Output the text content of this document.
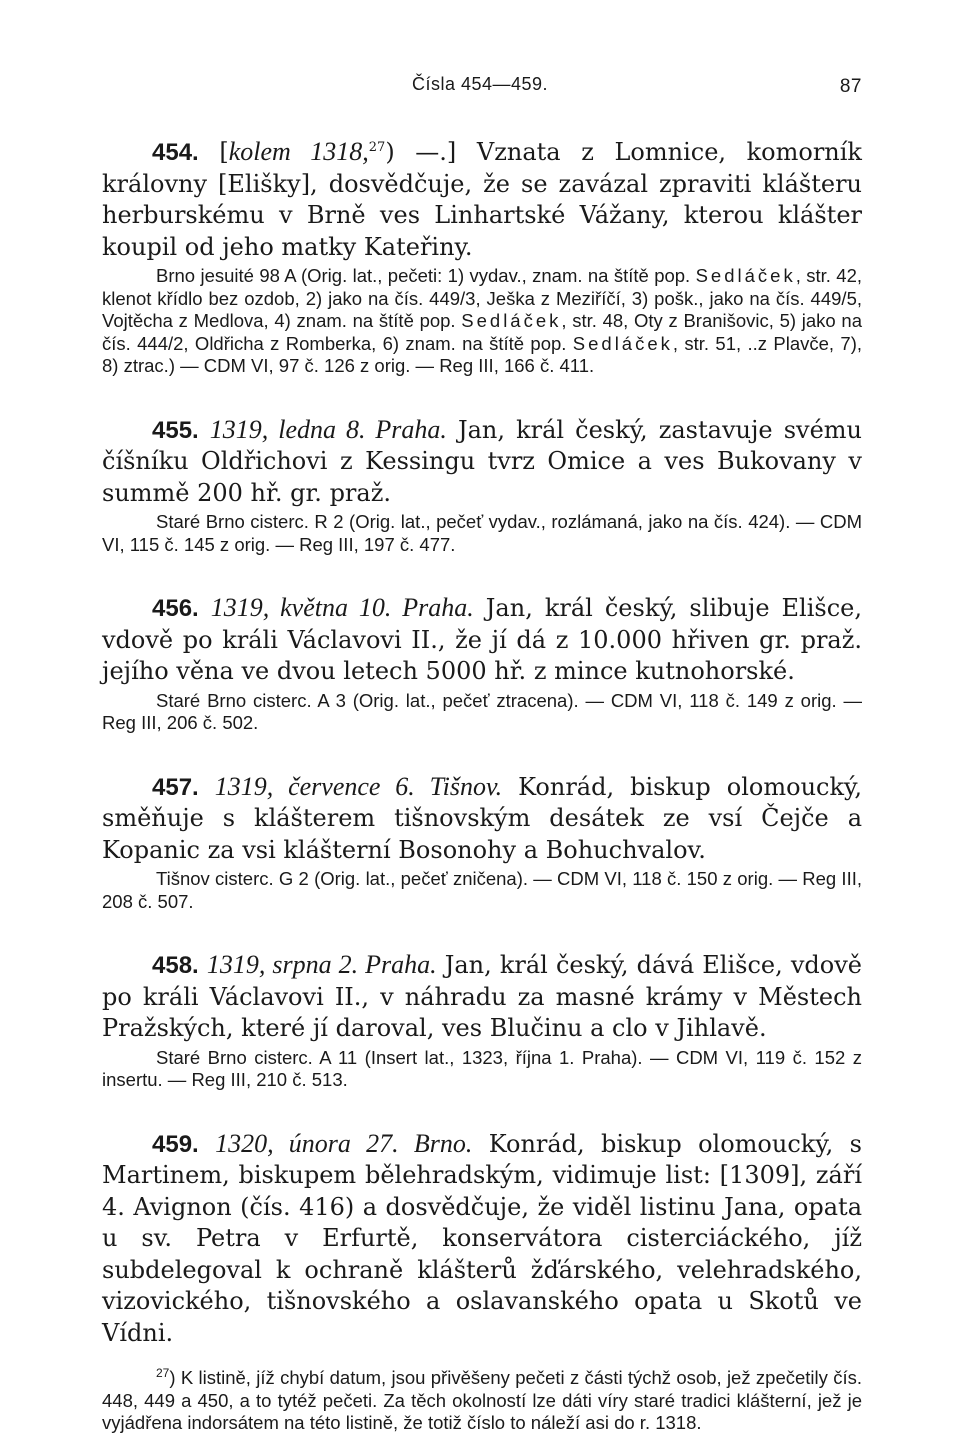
Čísla 454—459.	87

454. [kolem 1318,27) —.] Vznata z Lomnice, komorník královny [Elišky], dosvědčuje, že se zavázal zpraviti klášteru herburskému v Brně ves Linhartské Vážany, kterou klášter koupil od jeho matky Kateřiny.

Brno jesuité 98 A (Orig. lat., pečeti: 1) vydav., znam. na štítě pop. Sedláček, str. 42, klenot křídlo bez ozdob, 2) jako na čís. 449/3, Ješka z Meziříčí, 3) pošk., jako na čís. 449/5, Vojtěcha z Medlova, 4) znam. na štítě pop. Sedláček, str. 48, Oty z Branišovic, 5) jako na čís. 444/2, Oldřicha z Romberka, 6) znam. na štítě pop. Sedláček, str. 51, ..z Plavče, 7), 8) ztrac.) — CDM VI, 97 č. 126 z orig. — Reg III, 166 č. 411.

455. 1319, ledna 8. Praha. Jan, král český, zastavuje svému číšníku Oldřichovi z Kessingu tvrz Omice a ves Bukovany v summě 200 hř. gr. praž.

Staré Brno cisterc. R 2 (Orig. lat., pečeť vydav., rozlámaná, jako na čís. 424). — CDM VI, 115 č. 145 z orig. — Reg III, 197 č. 477.

456. 1319, května 10. Praha. Jan, král český, slibuje Elišce, vdově po králi Václavovi II., že jí dá z 10.000 hřiven gr. praž. jejího věna ve dvou letech 5000 hř. z mince kutnohorské.

Staré Brno cisterc. A 3 (Orig. lat., pečeť ztracena). — CDM VI, 118 č. 149 z orig. — Reg III, 206 č. 502.

457. 1319, července 6. Tišnov. Konrád, biskup olomoucký, směňuje s klášterem tišnovským desátek ze vsí Čejče a Kopanic za vsi klášterní Bosonohy a Bohuchvalov.

Tišnov cisterc. G 2 (Orig. lat., pečeť zničena). — CDM VI, 118 č. 150 z orig. — Reg III, 208 č. 507.

458. 1319, srpna 2. Praha. Jan, král český, dává Elišce, vdově po králi Václavovi II., v náhradu za masné krámy v Městech Pražských, které jí daroval, ves Blučinu a clo v Jihlavě.

Staré Brno cisterc. A 11 (Insert lat., 1323, října 1. Praha). — CDM VI, 119 č. 152 z insertu. — Reg III, 210 č. 513.

459. 1320, února 27. Brno. Konrád, biskup olomoucký, s Martinem, biskupem bělehradským, vidimuje list: [1309], září 4. Avignon (čís. 416) a dosvědčuje, že viděl listinu Jana, opata u sv. Petra v Erfurtě, konservátora cisterciáckého, jíž subdelegoval k ochraně klášterů žďárského, velehradského, vizovického, tišnovského a oslavanského opata u Skotů ve Vídni.

$^{27}$) K listině, jíž chybí datum, jsou přivěšeny pečeti z části týchž osob, jež zpečetily čís. 448, 449 a 450, a to tytéž pečeti. Za těch okolností lze dáti víry staré tradici klášterní, jež je vyjádřena indorsátem na této listině, že totiž číslo to náleží asi do r. 1318.
